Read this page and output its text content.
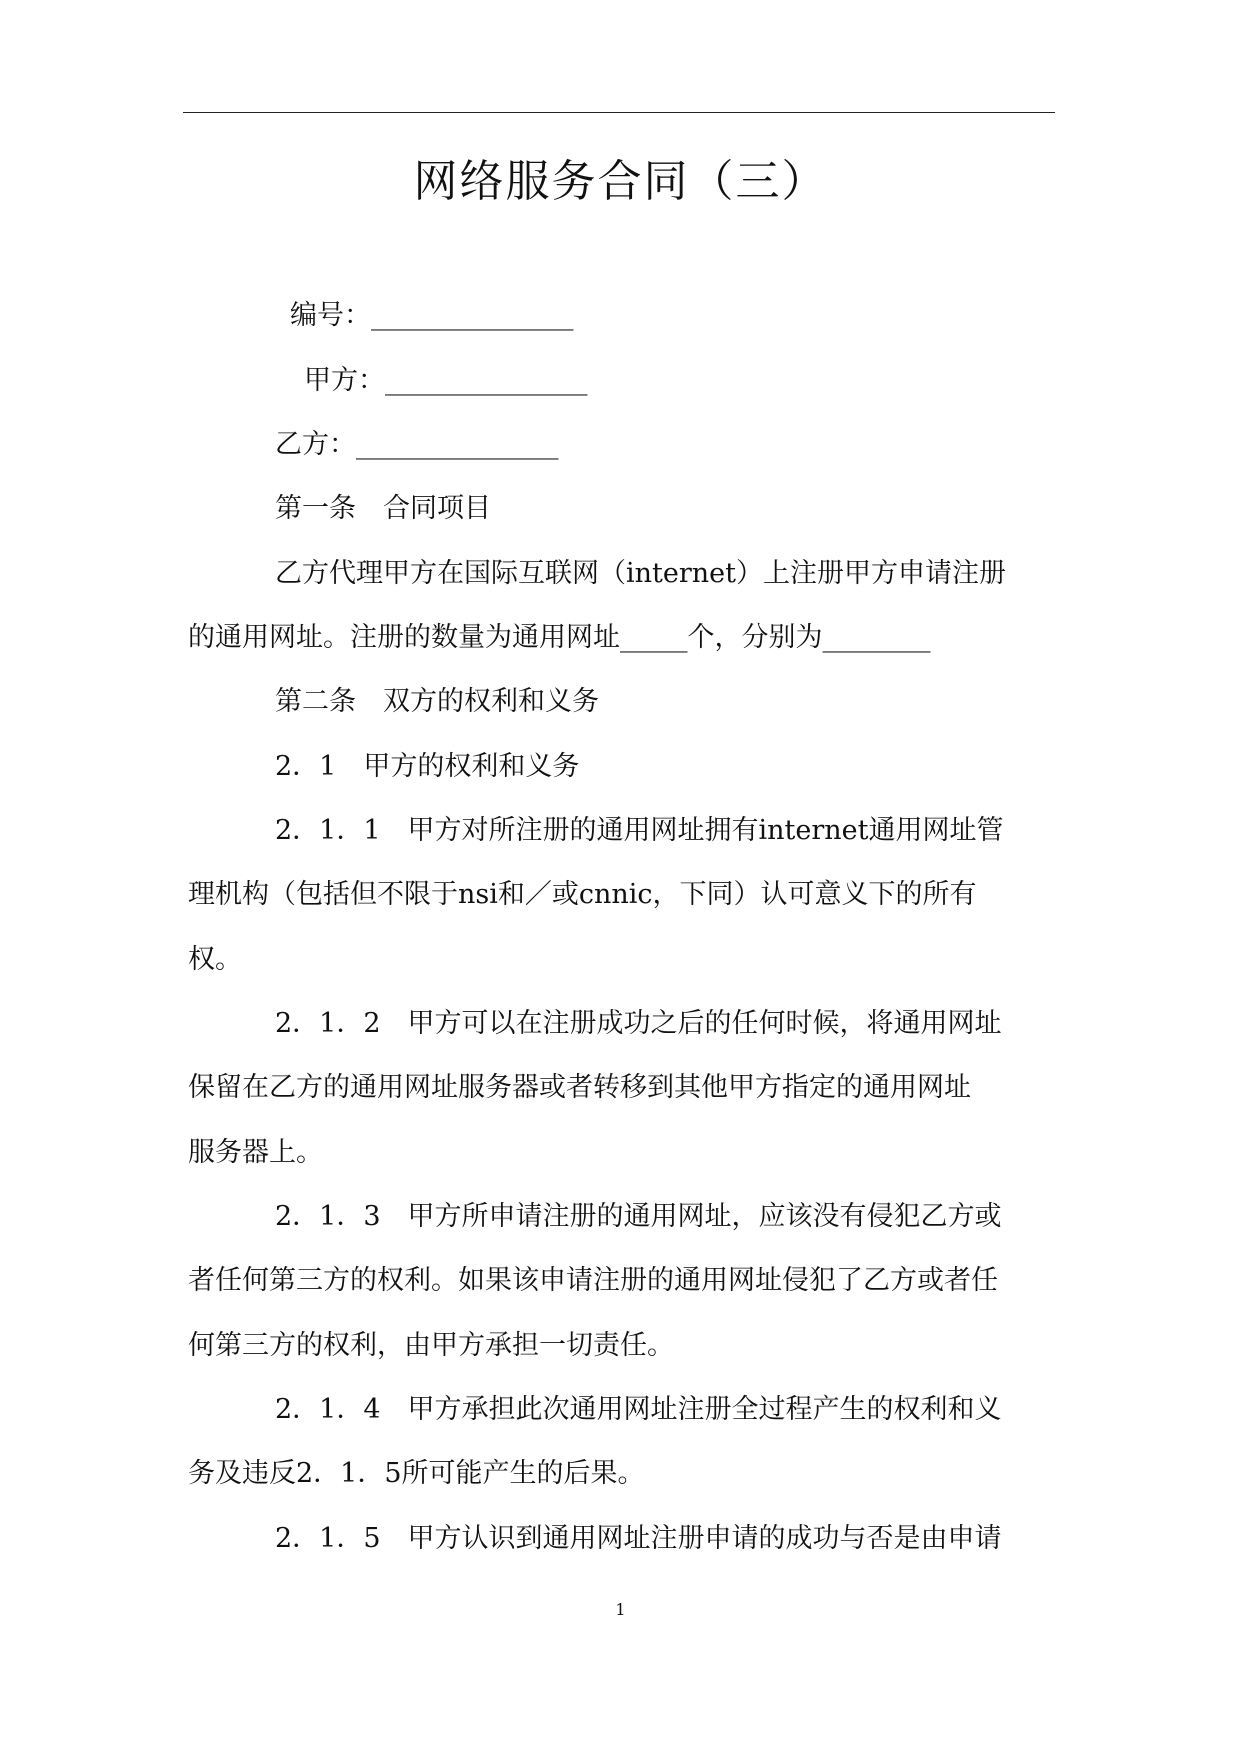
网络服务合同（三）
编号：_______________
甲方：_______________
乙方：_______________
第一条　合同项目
乙方代理甲方在国际互联网（internet）上注册甲方申请注册
的通用网址。注册的数量为通用网址_____个，分别为________
第二条　双方的权利和义务
2．1　甲方的权利和义务
2．1．1　甲方对所注册的通用网址拥有internet通用网址管
理机构（包括但不限于nsi和／或cnnic，下同）认可意义下的所有
权。
2．1．2　甲方可以在注册成功之后的任何时候，将通用网址
保留在乙方的通用网址服务器或者转移到其他甲方指定的通用网址
服务器上。
2．1．3　甲方所申请注册的通用网址，应该没有侵犯乙方或
者任何第三方的权利。如果该申请注册的通用网址侵犯了乙方或者任
何第三方的权利，由甲方承担一切责任。
2．1．4　甲方承担此次通用网址注册全过程产生的权利和义
务及违反2．1．5所可能产生的后果。
2．1．5　甲方认识到通用网址注册申请的成功与否是由申请
1
